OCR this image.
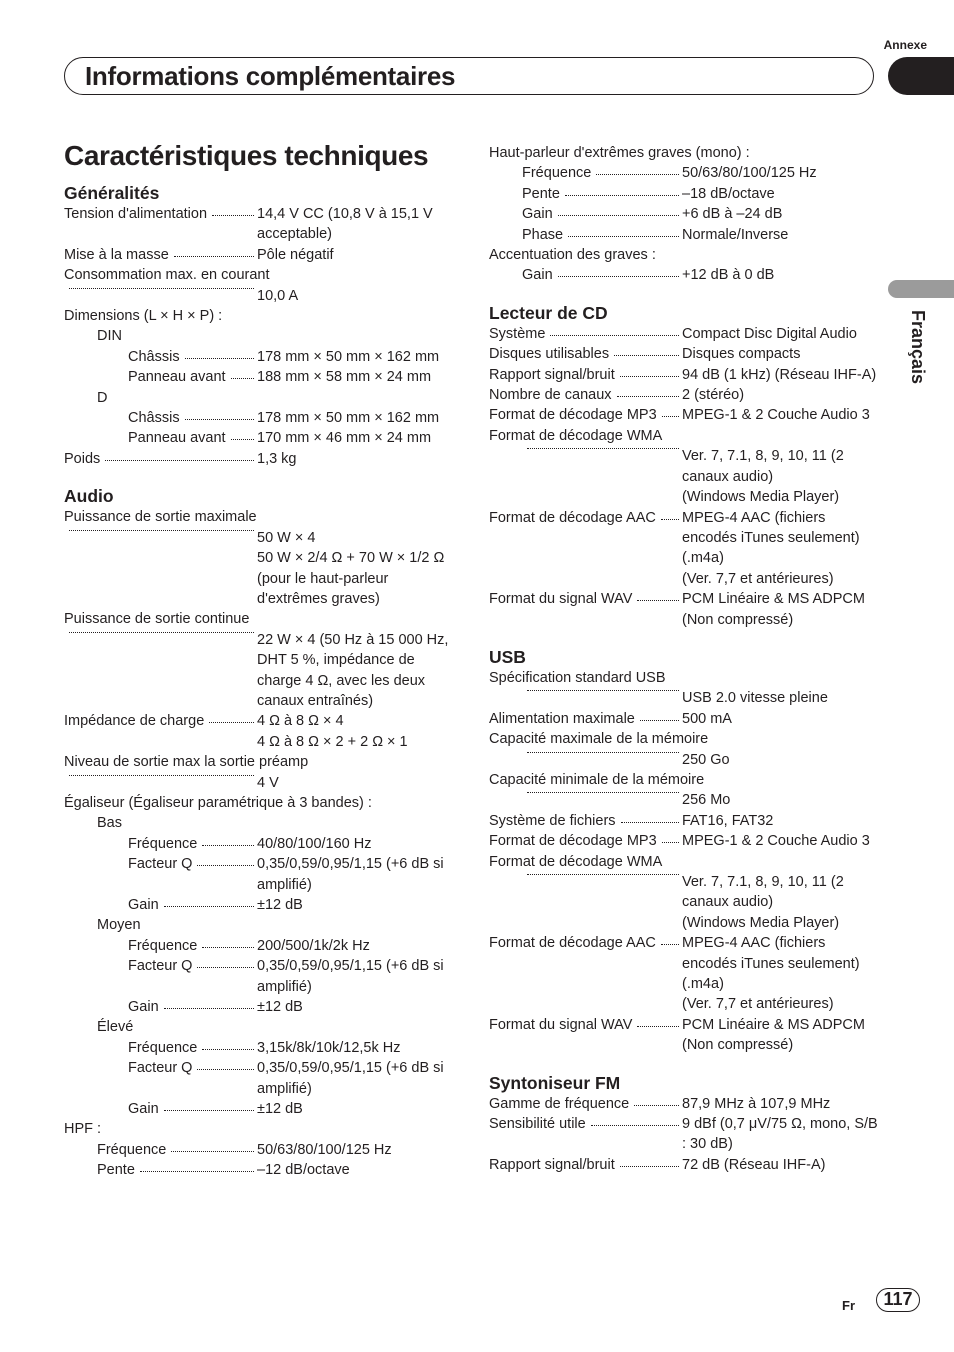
Annexe
Informations complémentaires
Français
Caractéristiques techniques
Généralités
Tension d'alimentation	14,4 V CC (10,8 V à 15,1 V acceptable)
Mise à la masse	Pôle négatif
Consommation max. en courant
10,0 A
Dimensions (L × H × P) :
DIN
Châssis	178 mm × 50 mm × 162 mm
Panneau avant 188 mm × 58 mm × 24 mm
D
Châssis	178 mm × 50 mm × 162 mm
Panneau avant 170 mm × 46 mm × 24 mm
Poids	1,3 kg
Audio
Puissance de sortie maximale
50 W × 4
50 W × 2/4 Ω + 70 W × 1/2 Ω (pour le haut-parleur d'extrêmes graves)
Puissance de sortie continue
22 W × 4 (50 Hz à 15 000 Hz, DHT 5 %, impédance de charge 4 Ω, avec les deux canaux entraînés)
Impédance de charge	4 Ω à 8 Ω × 4
4 Ω à 8 Ω × 2 + 2 Ω × 1
Niveau de sortie max la sortie préamp
4 V
Égaliseur (Égaliseur paramétrique à 3 bandes) :
Bas
Fréquence	40/80/100/160 Hz
Facteur Q	0,35/0,59/0,95/1,15 (+6 dB si amplifié)
Gain	±12 dB
Moyen
Fréquence	200/500/1k/2k Hz
Facteur Q	0,35/0,59/0,95/1,15 (+6 dB si amplifié)
Gain	±12 dB
Élevé
Fréquence	3,15k/8k/10k/12,5k Hz
Facteur Q	0,35/0,59/0,95/1,15 (+6 dB si amplifié)
Gain	±12 dB
HPF :
Fréquence	50/63/80/100/125 Hz
Pente	–12 dB/octave
Haut-parleur d'extrêmes graves (mono) :
Fréquence	50/63/80/100/125 Hz
Pente	–18 dB/octave
Gain	+6 dB à –24 dB
Phase	Normale/Inverse
Accentuation des graves :
Gain	+12 dB à 0 dB
Lecteur de CD
Système	Compact Disc Digital Audio
Disques utilisables	Disques compacts
Rapport signal/bruit	94 dB (1 kHz) (Réseau IHF-A)
Nombre de canaux	2 (stéréo)
Format de décodage MP3 MPEG-1 & 2 Couche Audio 3
Format de décodage WMA
Ver. 7, 7.1, 8, 9, 10, 11 (2 canaux audio)
(Windows Media Player)
Format de décodage AAC MPEG-4 AAC (fichiers encodés iTunes seulement) (.m4a)
(Ver. 7,7 et antérieures)
Format du signal WAV	PCM Linéaire & MS ADPCM (Non compressé)
USB
Spécification standard USB
USB 2.0 vitesse pleine
Alimentation maximale	500 mA
Capacité maximale de la mémoire
250 Go
Capacité minimale de la mémoire
256 Mo
Système de fichiers	FAT16, FAT32
Format de décodage MP3 MPEG-1 & 2 Couche Audio 3
Format de décodage WMA
Ver. 7, 7.1, 8, 9, 10, 11 (2 canaux audio)
(Windows Media Player)
Format de décodage AAC MPEG-4 AAC (fichiers encodés iTunes seulement) (.m4a)
(Ver. 7,7 et antérieures)
Format du signal WAV	PCM Linéaire & MS ADPCM (Non compressé)
Syntoniseur FM
Gamme de fréquence	87,9 MHz à 107,9 MHz
Sensibilité utile	9 dBf (0,7 μV/75 Ω, mono, S/B : 30 dB)
Rapport signal/bruit	72 dB (Réseau IHF-A)
Fr	117
